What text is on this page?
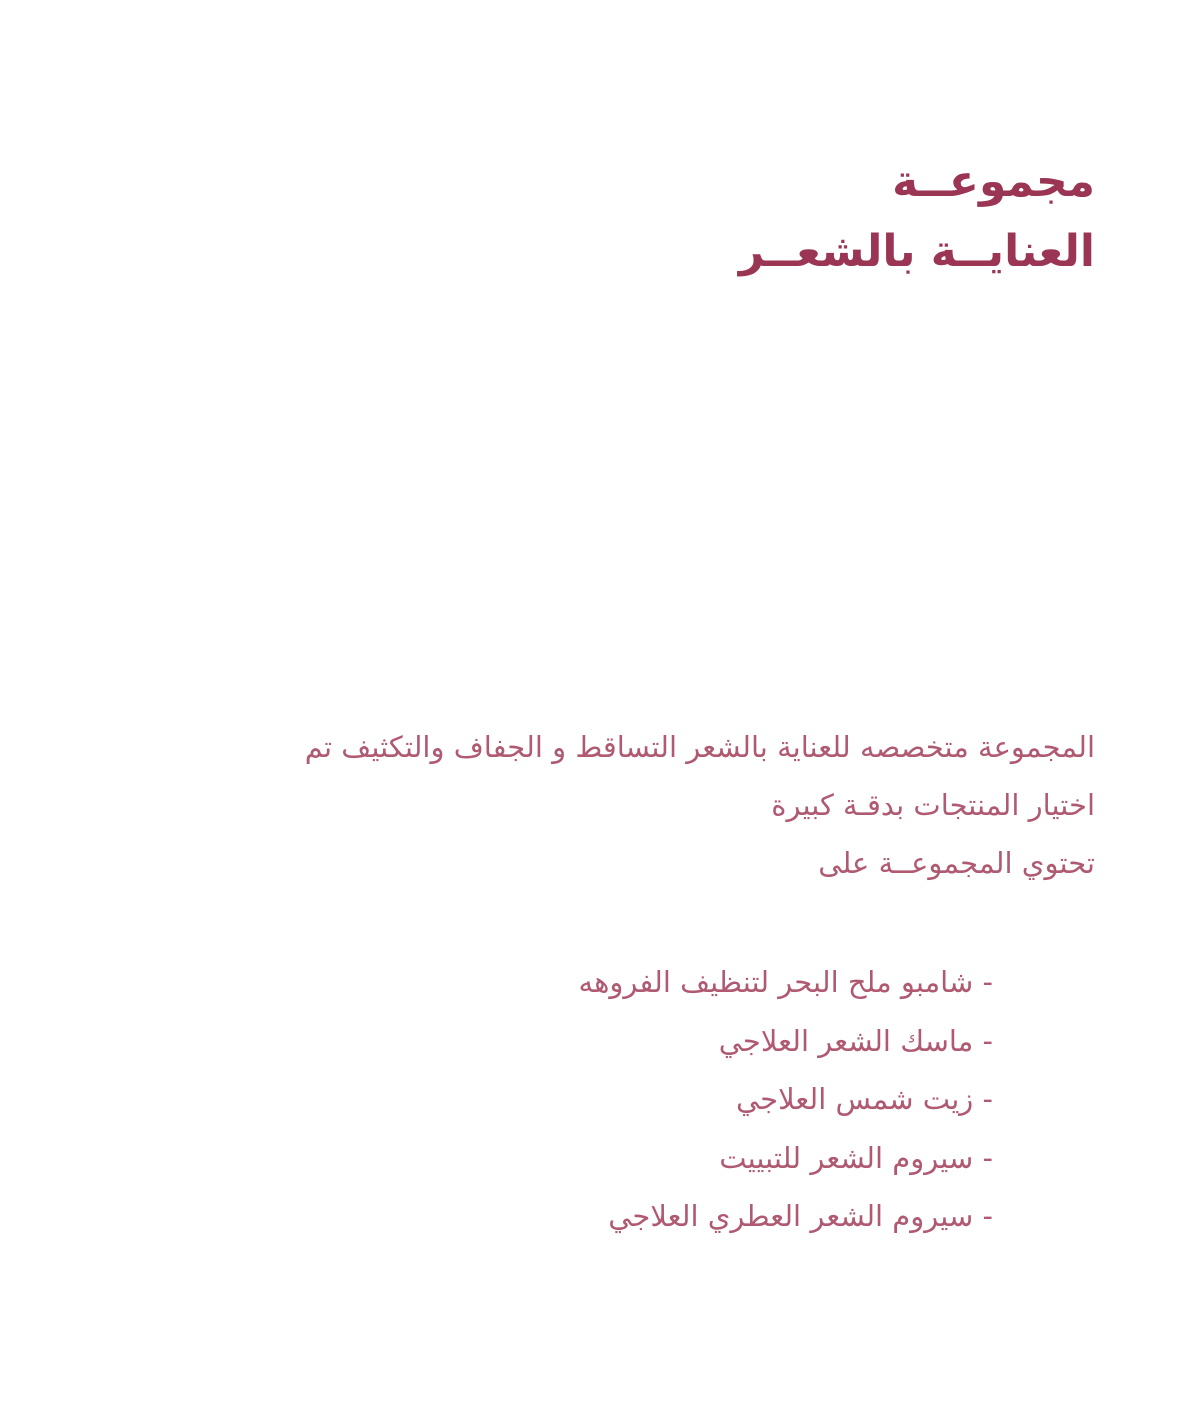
مجموعــة
العنايــة بالشعــر
المجموعة متخصصه للعناية بالشعر التساقط و الجفاف والتكثيف تم
اختيار المنتجات بدقـة كبيرة
تحتوي المجموعــة على
- شامبو ملح البحر لتنظيف الفروهه
- ماسك الشعر العلاجي
- زيت شمس العلاجي
- سيروم الشعر للتبييت
- سيروم الشعر العطري العلاجي
